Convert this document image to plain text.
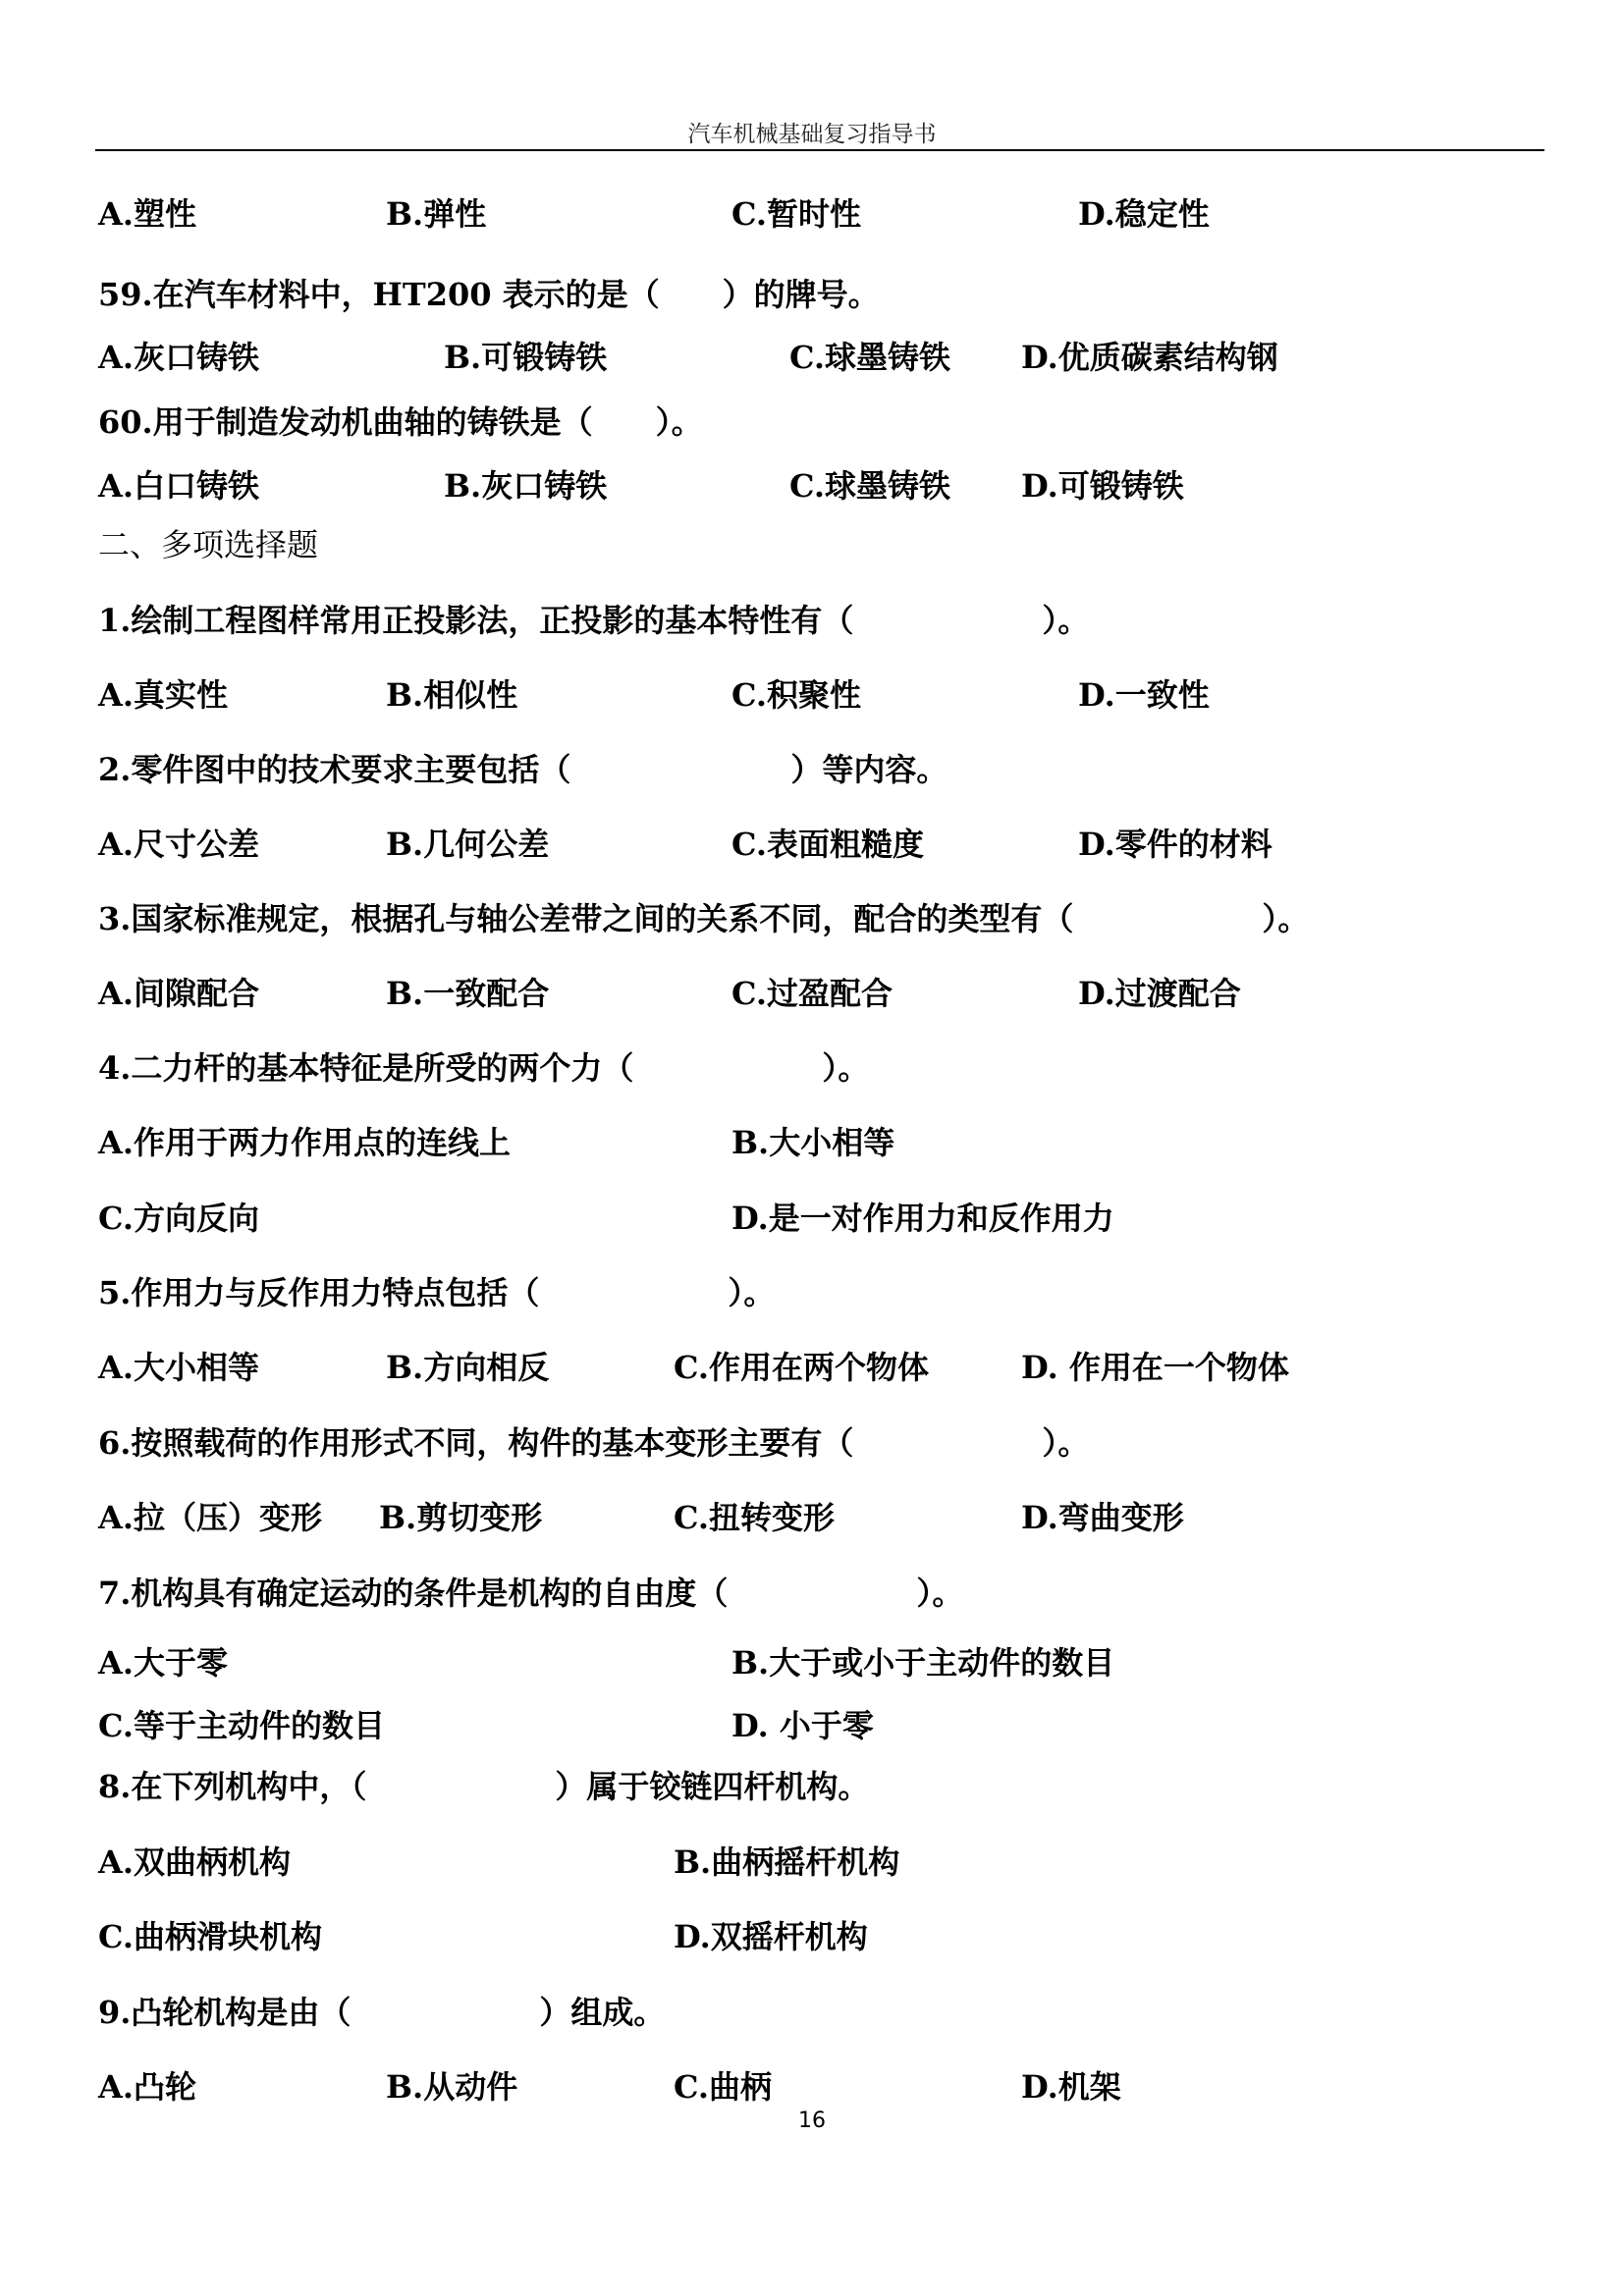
汽车机械基础复习指导书
A.塑性	B.弹性	C.暂时性	D.稳定性
59.在汽车材料中，HT200 表示的是（　　）的牌号。
A.灰口铸铁	B.可锻铸铁	C.球墨铸铁 D.优质碳素结构钢
60.用于制造发动机曲轴的铸铁是（　　）。
A.白口铸铁	B.灰口铸铁	C.球墨铸铁 D.可锻铸铁
二、多项选择题
1.绘制工程图样常用正投影法，正投影的基本特性有（　　　　　　）。
A.真实性	B.相似性	C.积聚性	D.一致性
2.零件图中的技术要求主要包括（　　　　　　　）等内容。
A.尺寸公差	B.几何公差	C.表面粗糙度	D.零件的材料
3.国家标准规定，根据孔与轴公差带之间的关系不同，配合的类型有（　　　　　　）。
A.间隙配合	B.一致配合	C.过盈配合	D.过渡配合
4.二力杆的基本特征是所受的两个力（　　　　　　）。
A.作用于两力作用点的连线上	B.大小相等
C.方向反向	D.是一对作用力和反作用力
5.作用力与反作用力特点包括（　　　　　　）。
A.大小相等	B.方向相反	C.作用在两个物体	D. 作用在一个物体
6.按照载荷的作用形式不同，构件的基本变形主要有（　　　　　　）。
A.拉（压）变形 B.剪切变形	C.扭转变形	D.弯曲变形
7.机构具有确定运动的条件是机构的自由度（　　　　　　）。
A.大于零	B.大于或小于主动件的数目
C.等于主动件的数目	D. 小于零
8.在下列机构中，（　　　　　　）属于铰链四杆机构。
A.双曲柄机构	B.曲柄摇杆机构
C.曲柄滑块机构	D.双摇杆机构
9.凸轮机构是由（　　　　　　）组成。
A.凸轮	B.从动件	C.曲柄	D.机架
16
